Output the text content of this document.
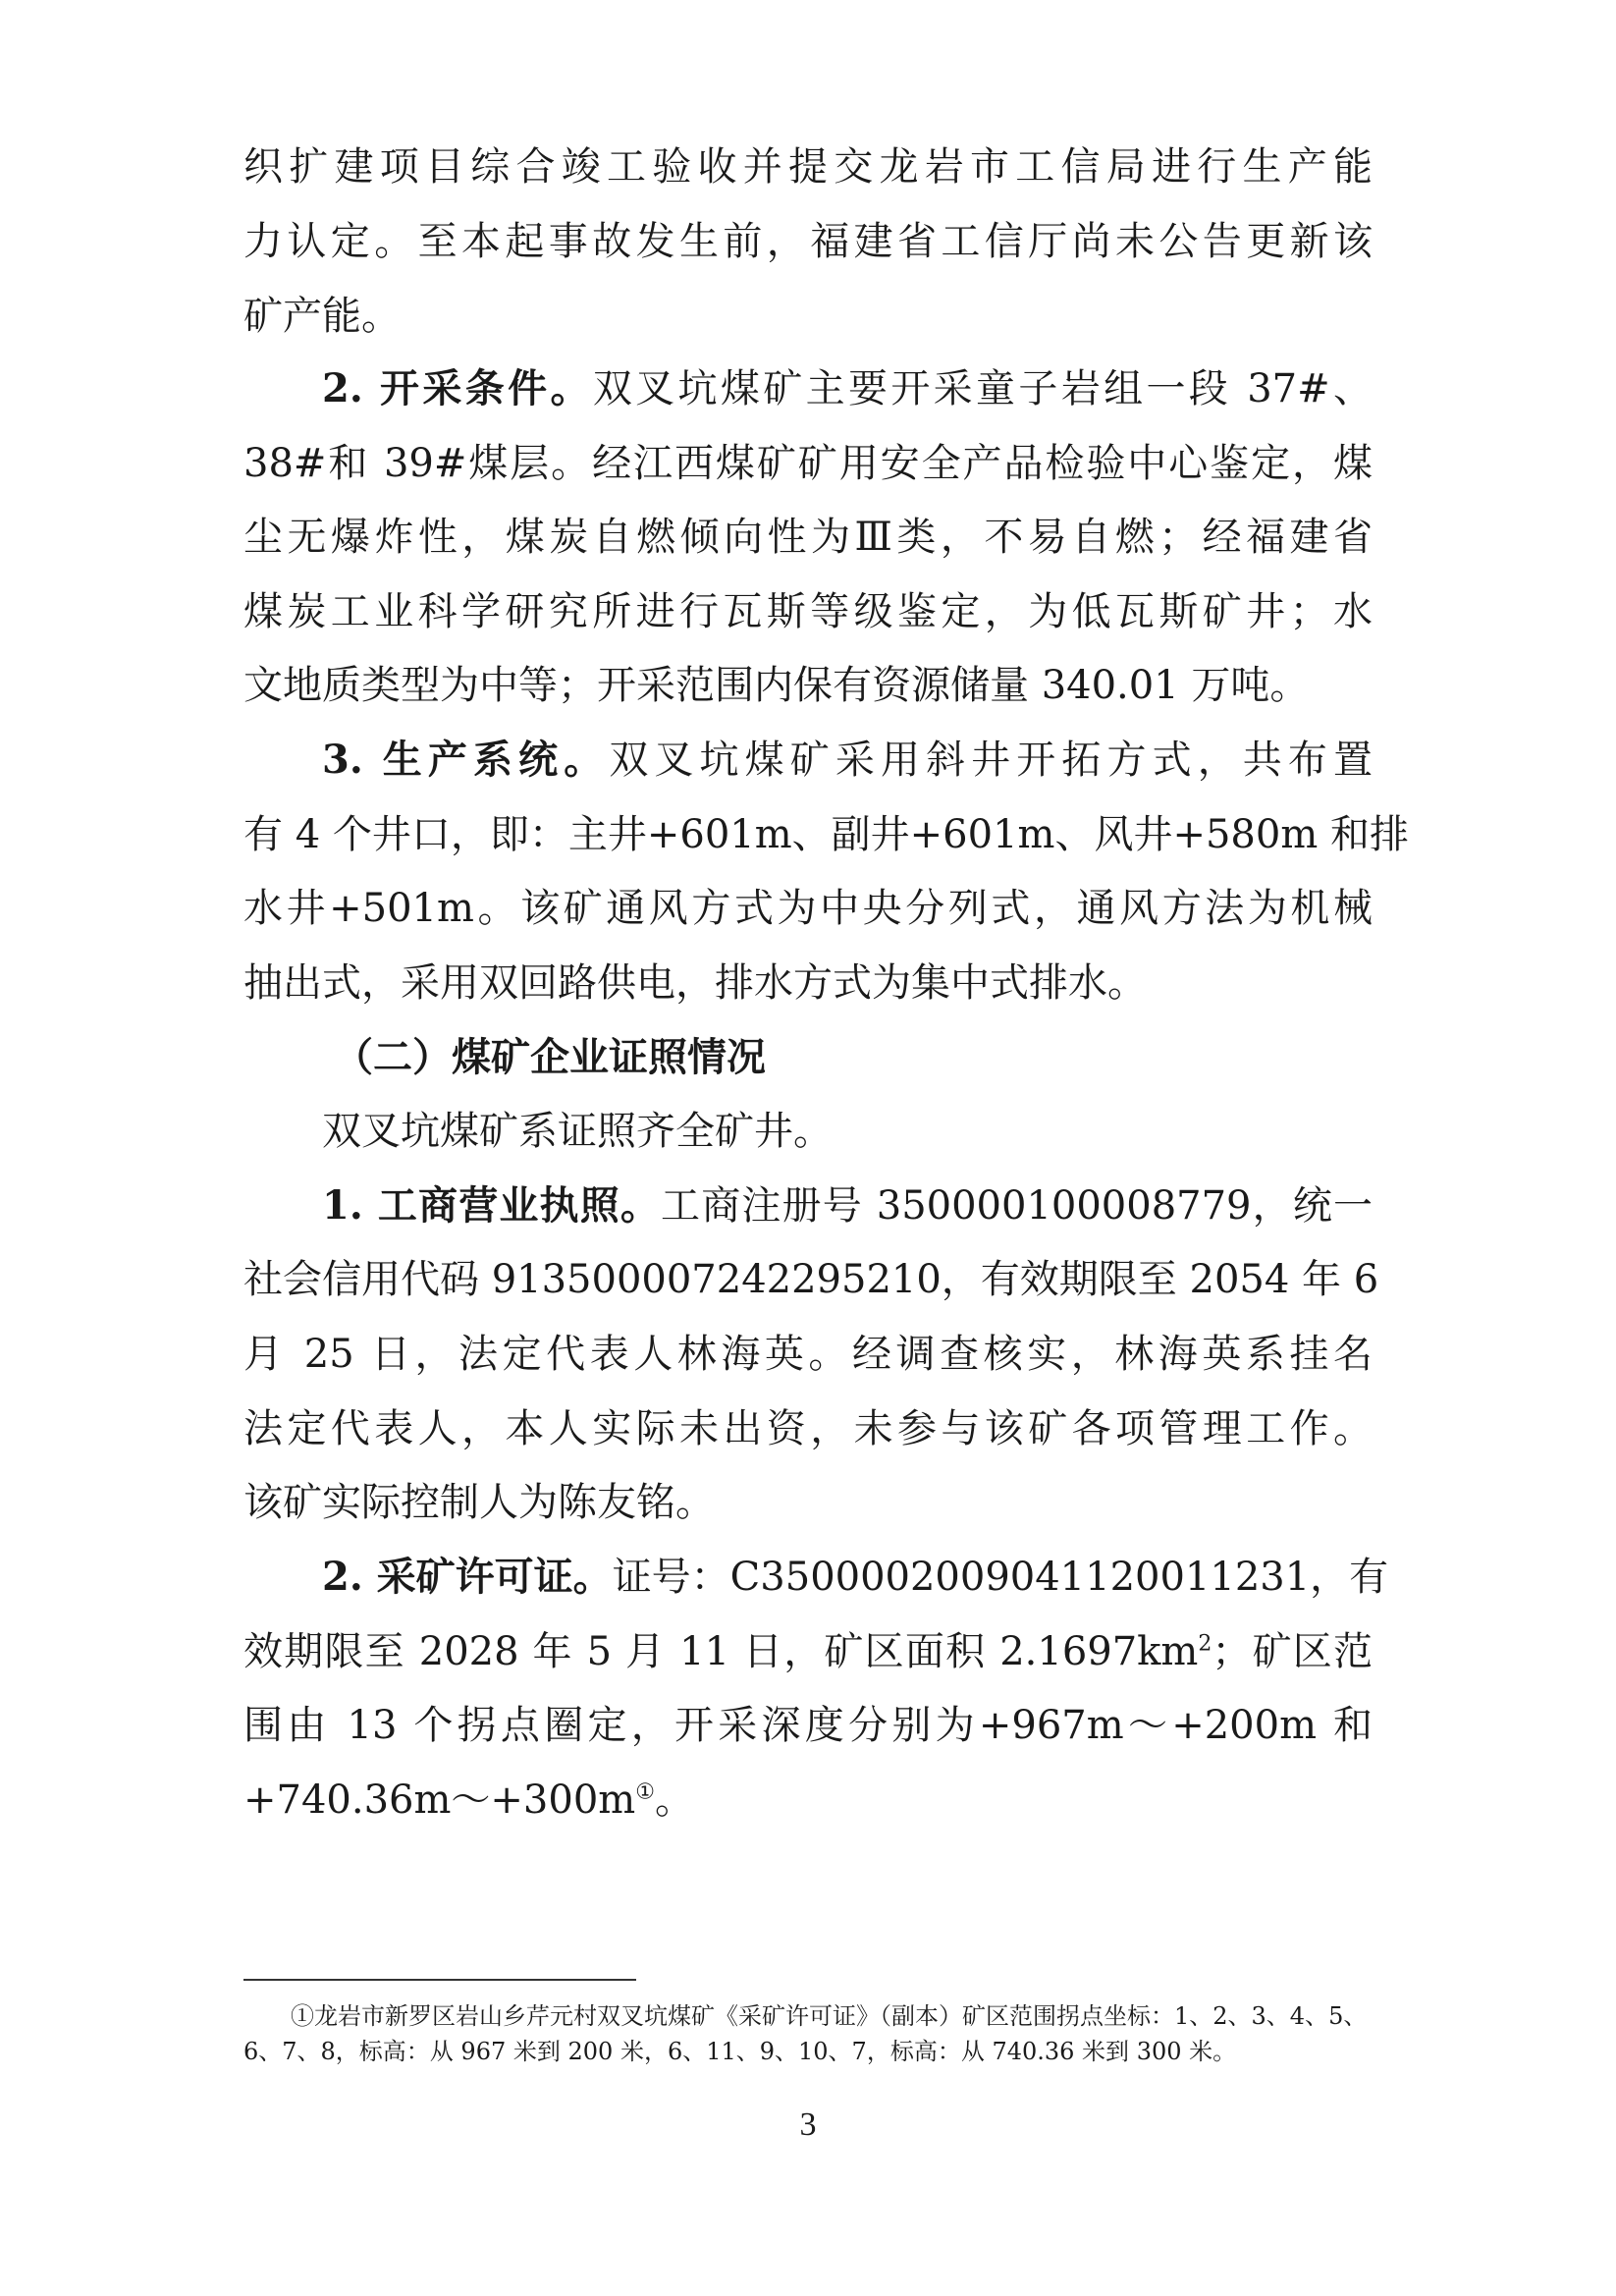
织扩建项目综合竣工验收并提交龙岩市工信局进行生产能
力认定。至本起事故发生前，福建省工信厅尚未公告更新该
矿产能。
2. 开采条件。双叉坑煤矿主要开采童子岩组一段 37#、
38#和 39#煤层。经江西煤矿矿用安全产品检验中心鉴定，煤
尘无爆炸性，煤炭自燃倾向性为Ⅲ类，不易自燃；经福建省
煤炭工业科学研究所进行瓦斯等级鉴定，为低瓦斯矿井；水
文地质类型为中等；开采范围内保有资源储量 340.01 万吨。
3. 生产系统。双叉坑煤矿采用斜井开拓方式，共布置
有 4 个井口，即：主井+601m、副井+601m、风井+580m 和排
水井+501m。该矿通风方式为中央分列式，通风方法为机械
抽出式，采用双回路供电，排水方式为集中式排水。
（二）煤矿企业证照情况
双叉坑煤矿系证照齐全矿井。
1. 工商营业执照。工商注册号 350000100008779，统一
社会信用代码 913500007242295210，有效期限至 2054 年 6
月 25 日，法定代表人林海英。经调查核实，林海英系挂名
法定代表人，本人实际未出资，未参与该矿各项管理工作。
该矿实际控制人为陈友铭。
2. 采矿许可证。证号：C3500002009041120011231，有
效期限至 2028 年 5 月 11 日，矿区面积 $2.1697km^2$；矿区范
围由 13 个拐点圈定，开采深度分别为+967m～+200m 和
+740.36m～+300m①。
①龙岩市新罗区岩山乡芹元村双叉坑煤矿《采矿许可证》（副本）矿区范围拐点坐标：1、2、3、4、5、
6、7、8，标高：从 967 米到 200 米，6、11、9、10、7，标高：从 740.36 米到 300 米。
3
